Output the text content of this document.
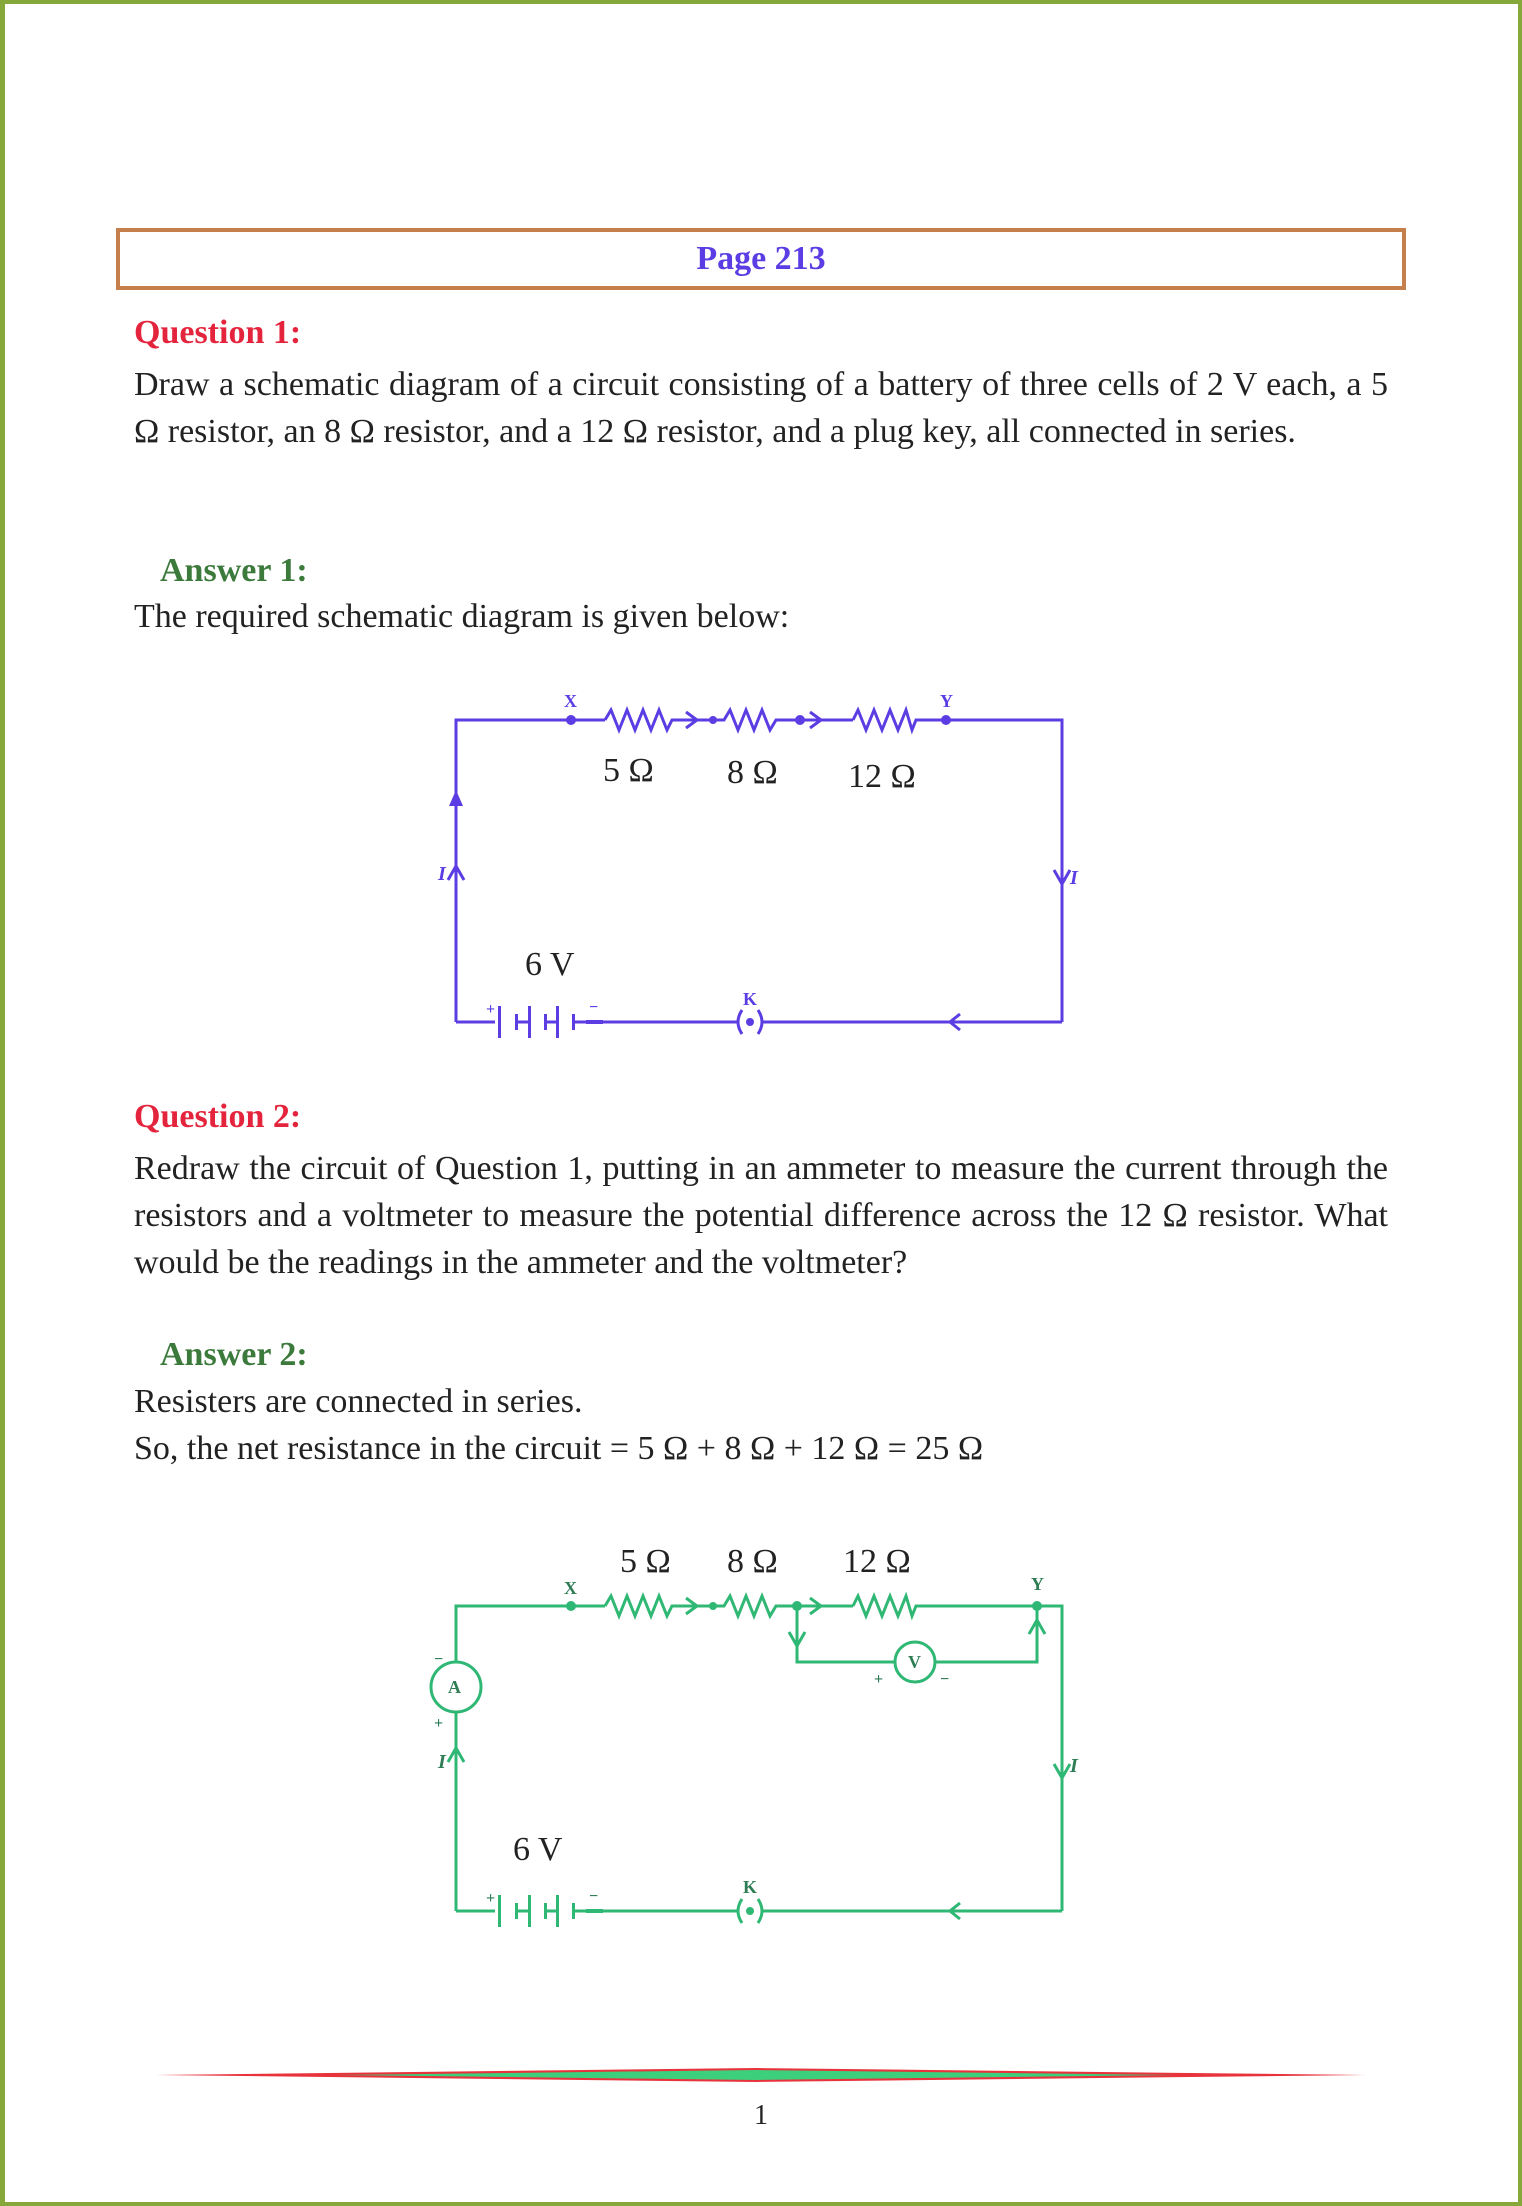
Page 213
Question 1:
Draw a schematic diagram of a circuit consisting of a battery of three cells of 2 V each, a 5 Ω resistor, an 8 Ω resistor, and a 12 Ω resistor, and a plug key, all connected in series.
Answer 1:
The required schematic diagram is given below:
X	Y
K
+	−
I	I
5 Ω 8 Ω 12 Ω
6 V
Question 2:
Redraw the circuit of Question 1, putting in an ammeter to measure the current through the resistors and a voltmeter to measure the potential difference across the 12 Ω resistor. What would be the readings in the ammeter and the voltmeter?
Answer 2:
Resisters are connected in series.
So, the net resistance in the circuit = 5 Ω + 8 Ω + 12 Ω = 25 Ω
X	Y
K
A
V
+	−
−
+
+	−
I	I
5 Ω 8 Ω 12 Ω
6 V
1
